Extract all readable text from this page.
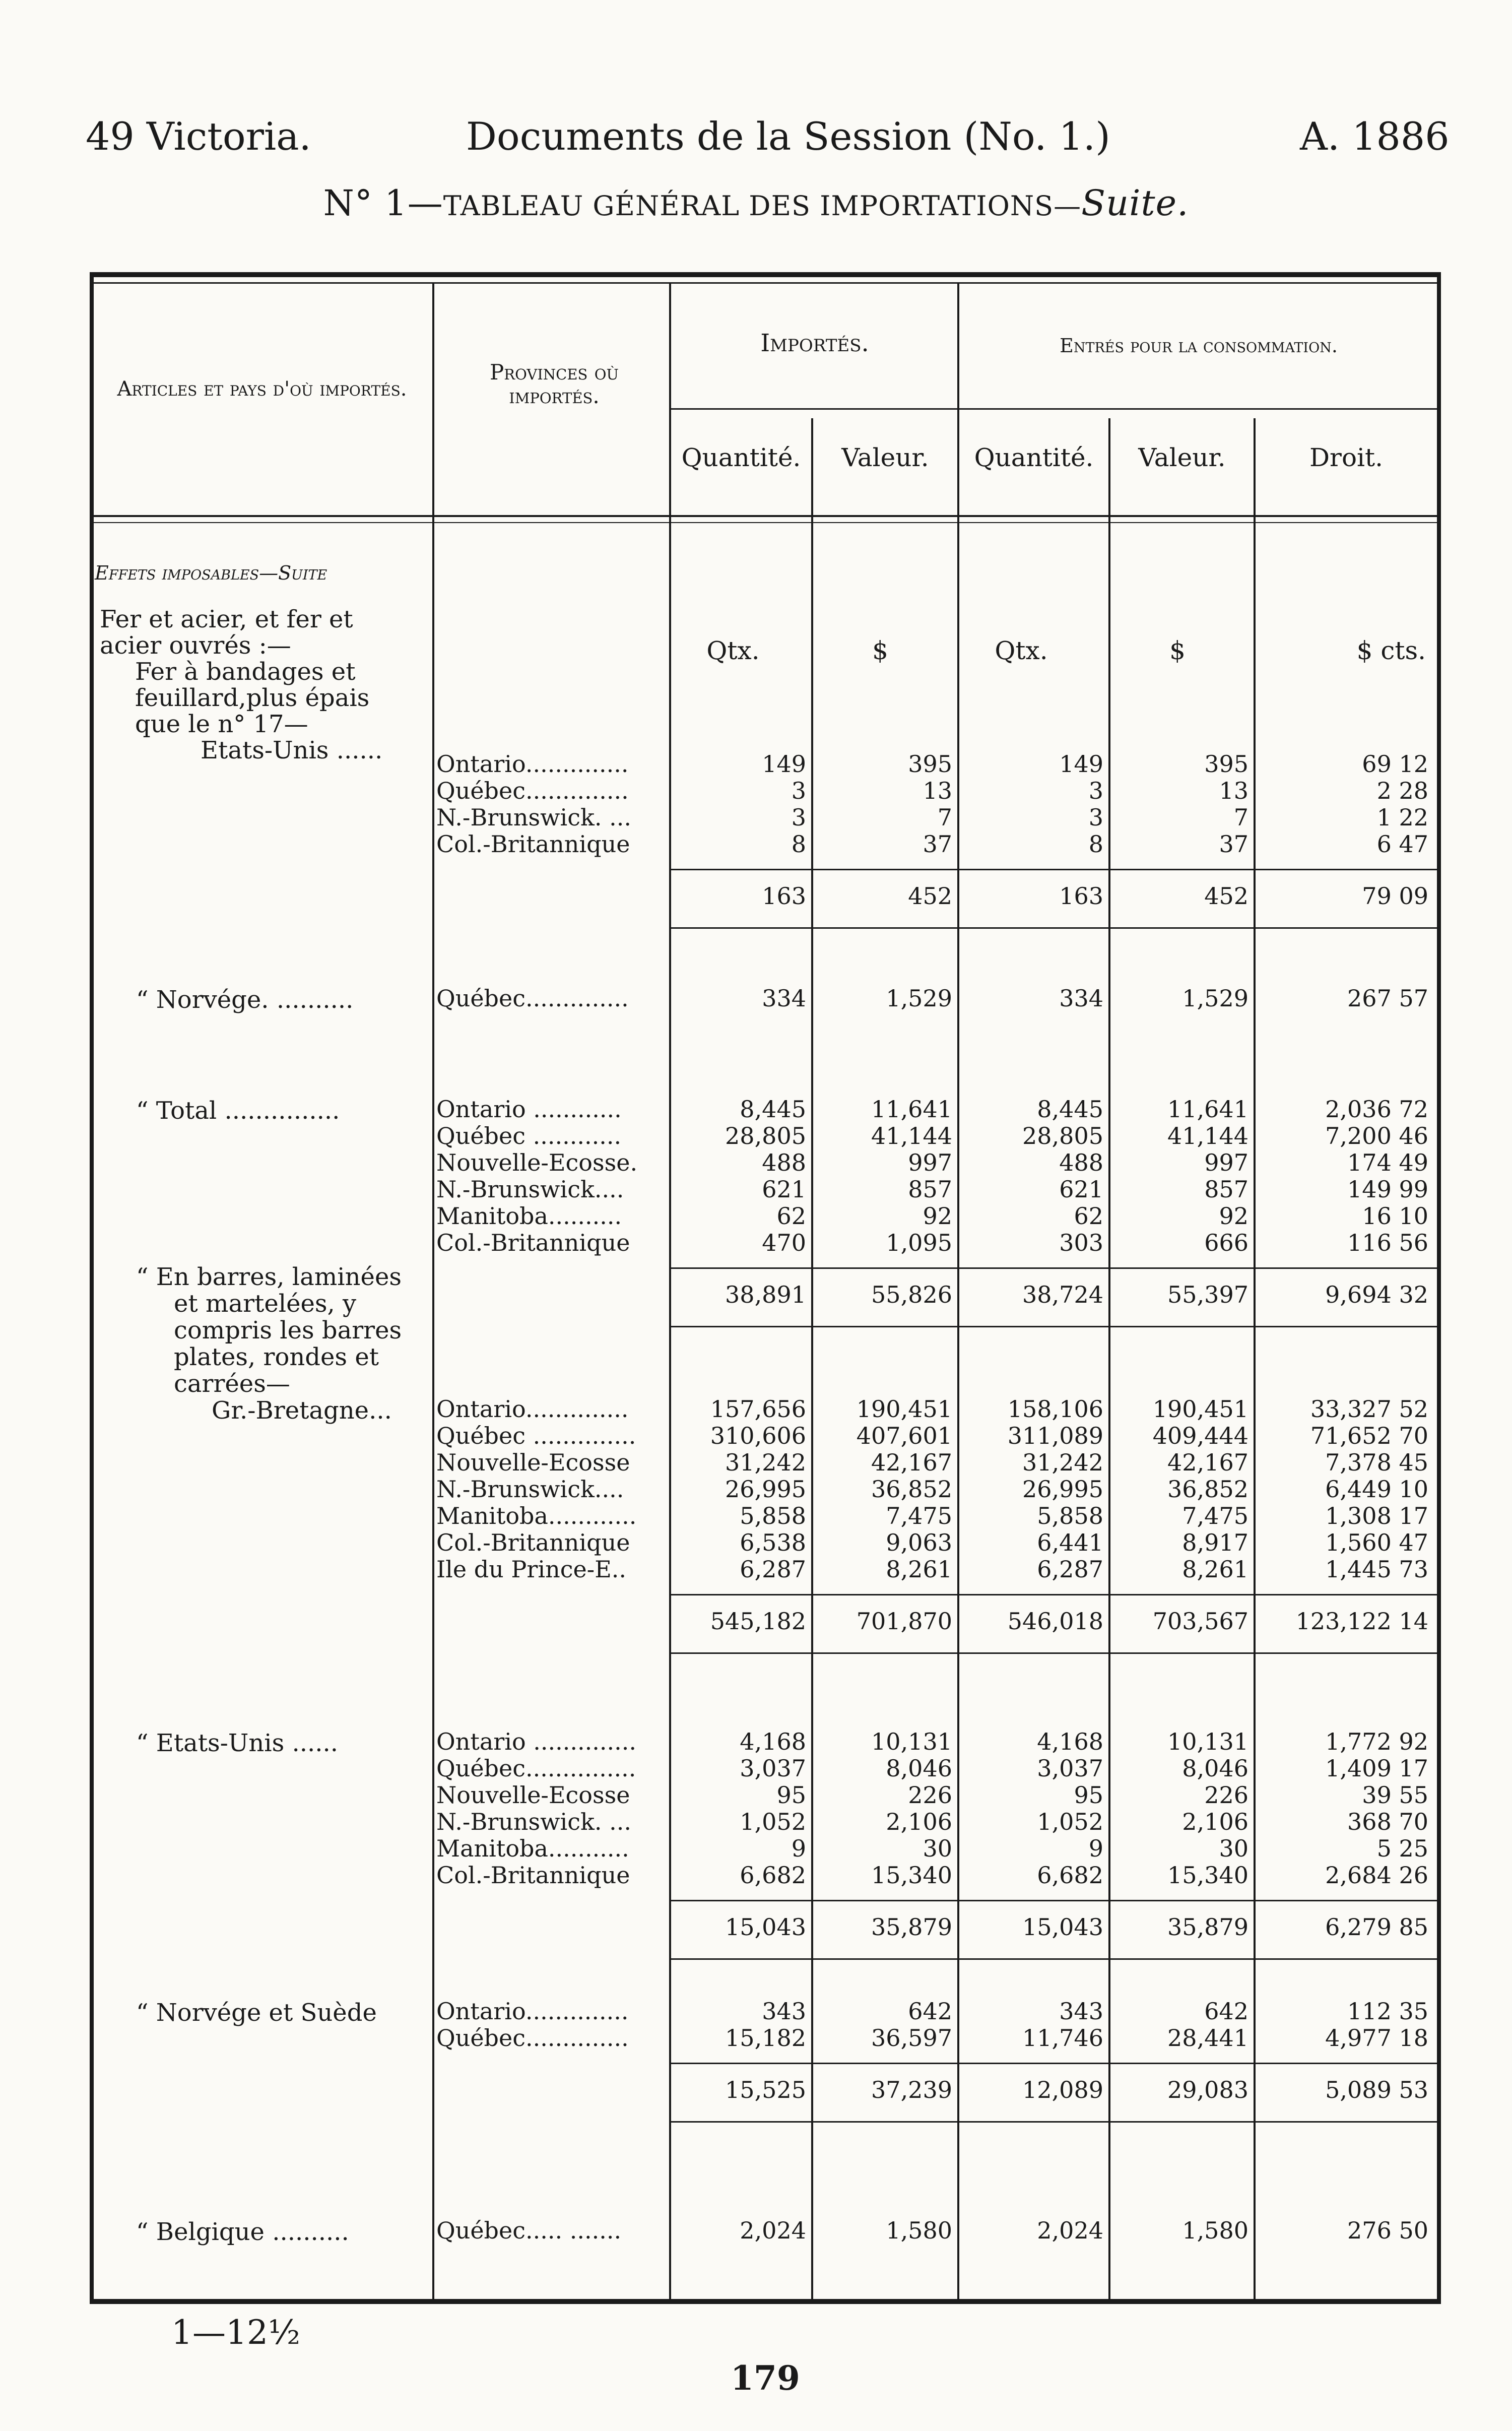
49 Victoria.	Documents de la Session (No. 1.)	A. 1886
N° 1—TABLEAU GÉNÉRAL DES IMPORTATIONS—Suite.
Articles et pays d'où importés.
Provinces où importés.
Importés.	Entrés pour la consommation.
Quantité.	Valeur.	Quantité.	Valeur.	Droit.
Effets imposables—Suite
Qtx.	$	Qtx.	$	$ cts.
1—12½
179
Fer et acier, et fer et
acier ouvrés :—
Fer à bandages et
feuillard,plus épais
que le n° 17—
Etats-Unis ...... Ontario..............	149	395	149	395	69 12
Québec..............	3	13	3	13	2 28
N.-Brunswick. ...	3	7	3	7	1 22
Col.-Britannique	8	37	8	37	6 47
163	452	163	452	79 09
“ Norvége. ..........	Québec..............	334	1,529	334	1,529	267 57
“ Total ...............	Ontario ............	8,445	11,641	8,445	11,641	2,036 72
Québec ............	28,805	41,144	28,805	41,144	7,200 46
Nouvelle-Ecosse.	488	997	488	997	174 49
N.-Brunswick....	621	857	621	857	149 99
Manitoba..........	62	92	62	92	16 10
Col.-Britannique	470	1,095	303	666	116 56
38,891	55,826	38,724	55,397	9,694 32
“ En barres, laminées
et martelées, y
compris les barres
plates, rondes et
carrées—
Gr.-Bretagne... Ontario..............	157,656	190,451	158,106	190,451	33,327 52
Québec ..............	310,606	407,601	311,089	409,444	71,652 70
Nouvelle-Ecosse	31,242	42,167	31,242	42,167	7,378 45
N.-Brunswick....	26,995	36,852	26,995	36,852	6,449 10
Manitoba............	5,858	7,475	5,858	7,475	1,308 17
Col.-Britannique	6,538	9,063	6,441	8,917	1,560 47
Ile du Prince-E..	6,287	8,261	6,287	8,261	1,445 73
545,182	701,870	546,018	703,567	123,122 14
“ Etats-Unis ......	Ontario ..............	4,168	10,131	4,168	10,131	1,772 92
Québec...............	3,037	8,046	3,037	8,046	1,409 17
Nouvelle-Ecosse	95	226	95	226	39 55
N.-Brunswick. ...	1,052	2,106	1,052	2,106	368 70
Manitoba...........	9	30	9	30	5 25
Col.-Britannique	6,682	15,340	6,682	15,340	2,684 26
15,043	35,879	15,043	35,879	6,279 85
“ Norvége et Suède	Ontario..............	343	642	343	642	112 35
Québec..............	15,182	36,597	11,746	28,441	4,977 18
15,525	37,239	12,089	29,083	5,089 53
“ Belgique ..........	Québec..... .......	2,024	1,580	2,024	1,580	276 50
